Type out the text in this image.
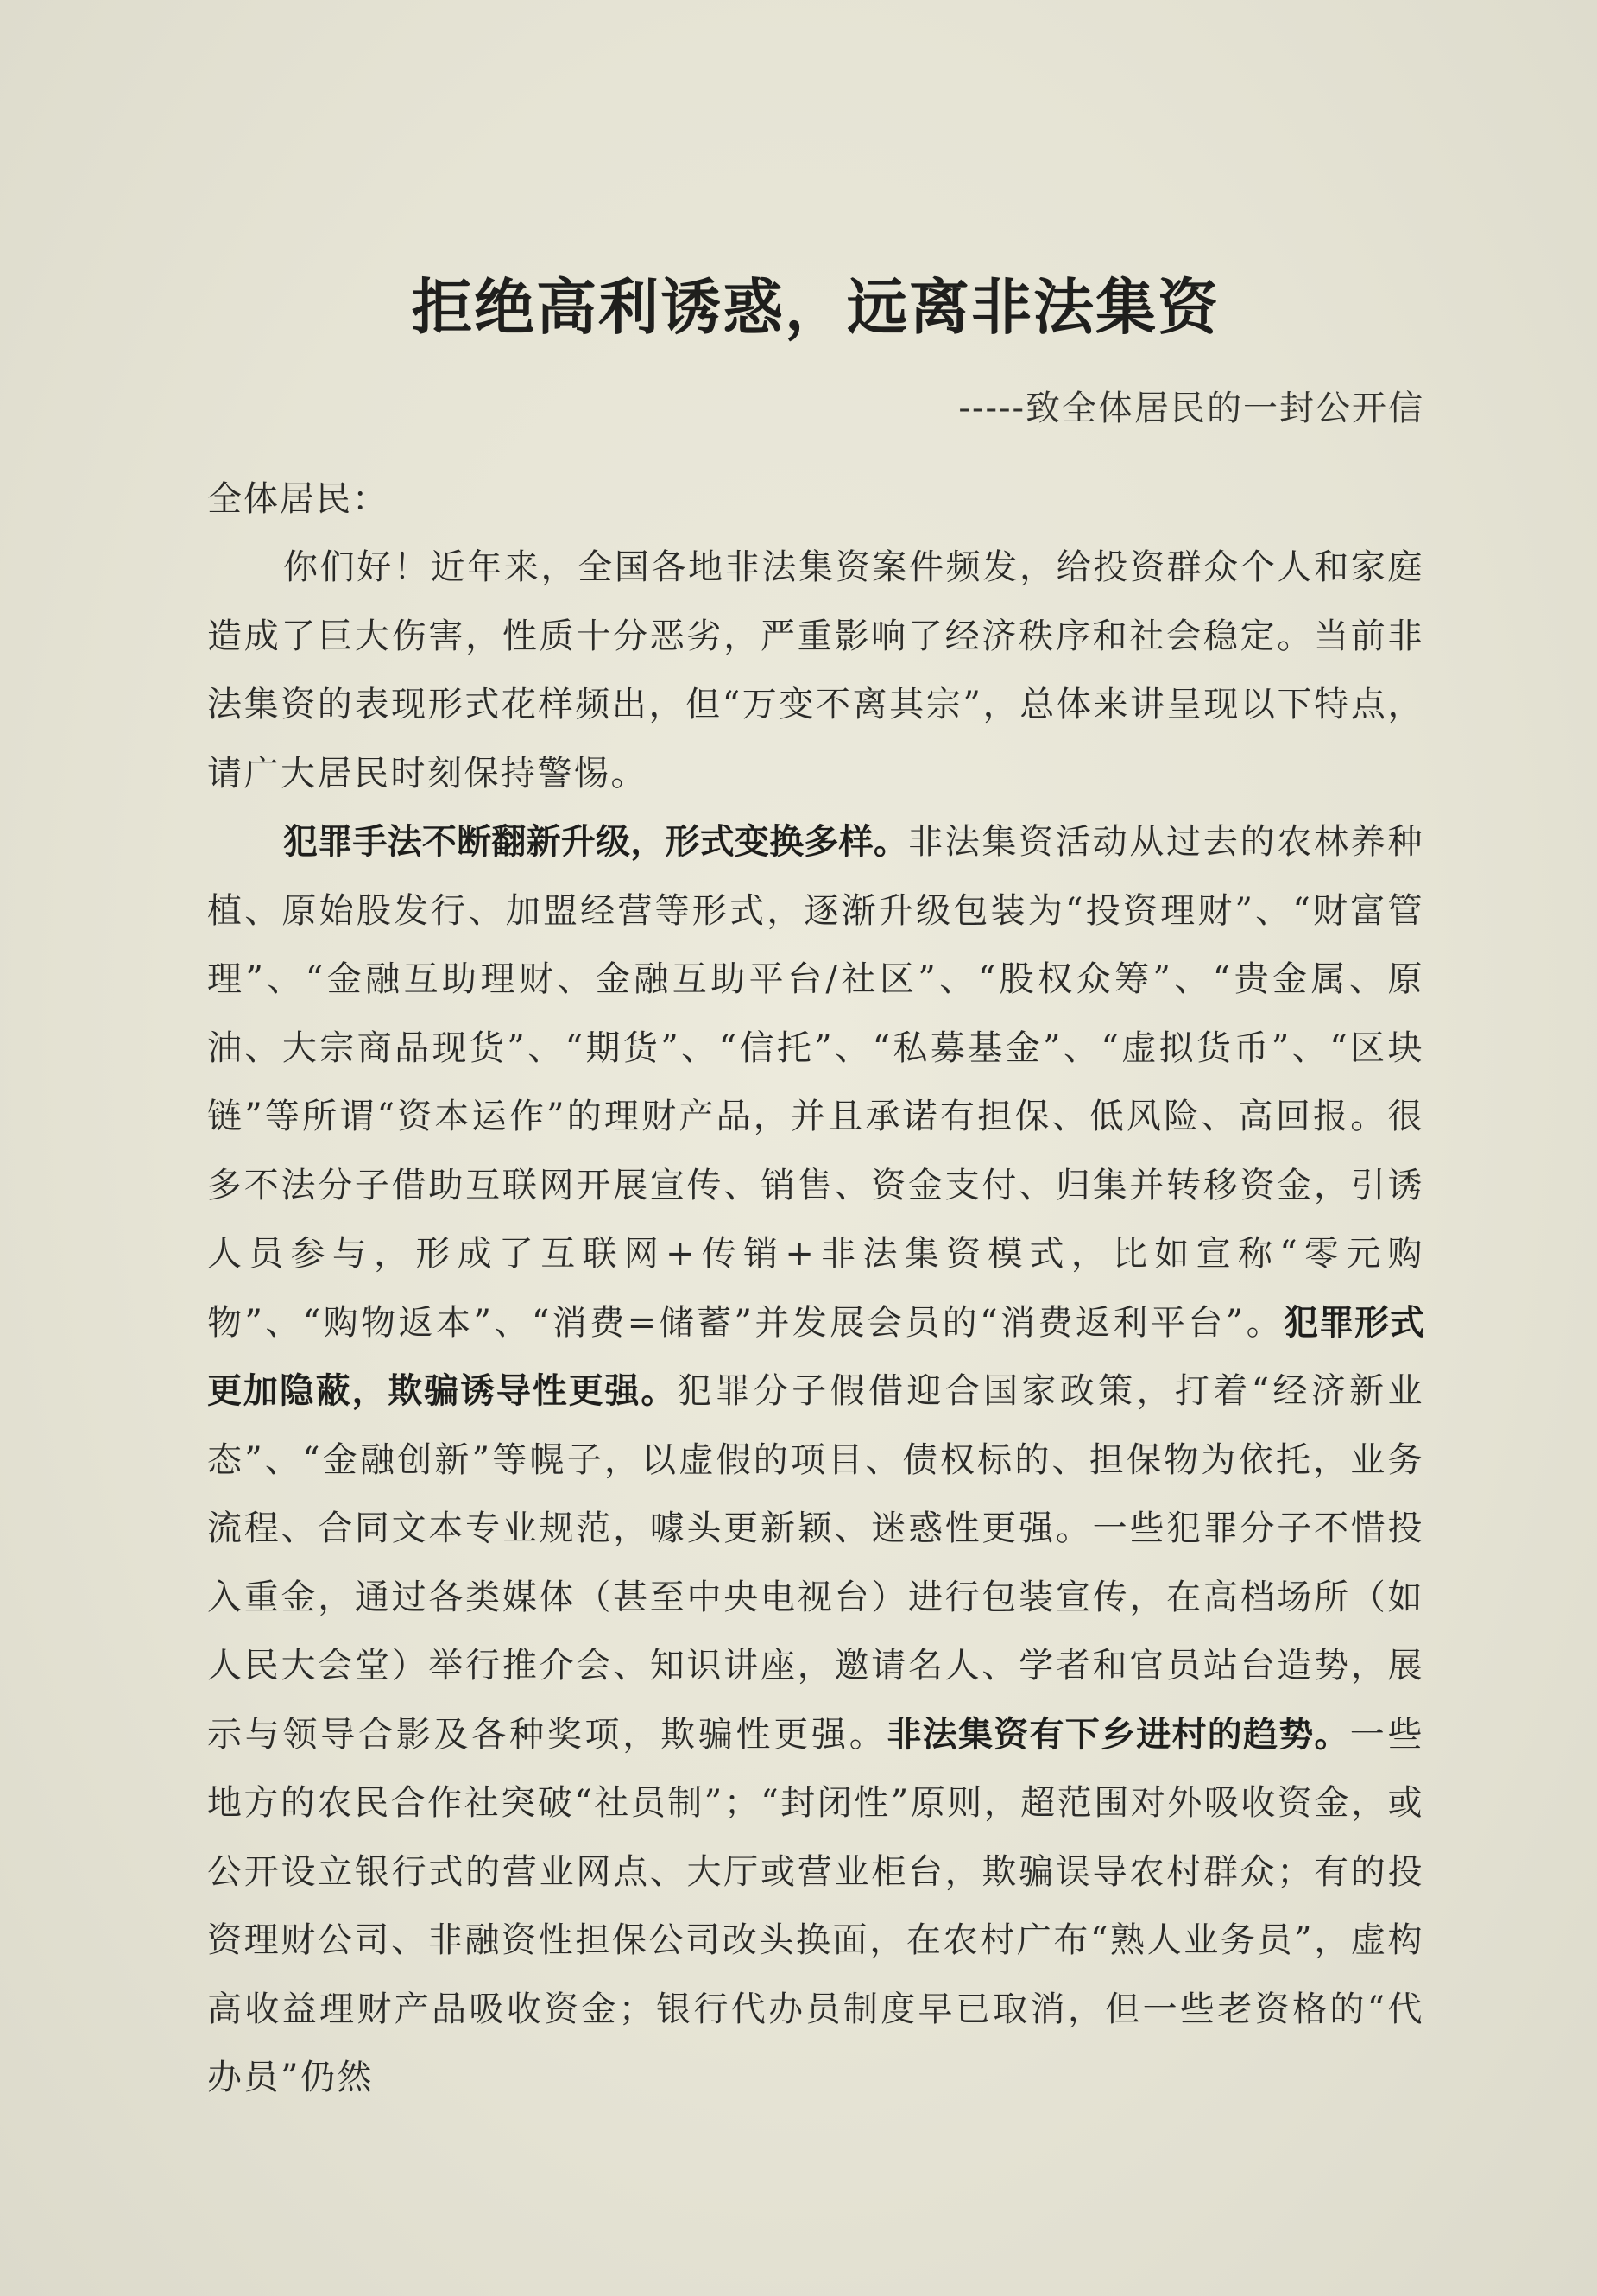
拒绝高利诱惑，远离非法集资
-----致全体居民的一封公开信

全体居民：

你们好！近年来，全国各地非法集资案件频发，给投资群众个人和家庭造成了巨大伤害，性质十分恶劣，严重影响了经济秩序和社会稳定。当前非法集资的表现形式花样频出，但“万变不离其宗”，总体来讲呈现以下特点，请广大居民时刻保持警惕。

犯罪手法不断翻新升级，形式变换多样。非法集资活动从过去的农林养种植、原始股发行、加盟经营等形式，逐渐升级包装为“投资理财”、“财富管理”、“金融互助理财、金融互助平台/社区”、“股权众筹”、“贵金属、原油、大宗商品现货”、“期货”、“信托”、“私募基金”、“虚拟货币”、“区块链”等所谓“资本运作”的理财产品，并且承诺有担保、低风险、高回报。很多不法分子借助互联网开展宣传、销售、资金支付、归集并转移资金，引诱人员参与，形成了互联网+传销+非法集资模式，比如宣称“零元购物”、“购物返本”、“消费=储蓄”并发展会员的“消费返利平台”。犯罪形式更加隐蔽，欺骗诱导性更强。犯罪分子假借迎合国家政策，打着“经济新业态”、“金融创新”等幌子，以虚假的项目、债权标的、担保物为依托，业务流程、合同文本专业规范，噱头更新颖、迷惑性更强。一些犯罪分子不惜投入重金，通过各类媒体（甚至中央电视台）进行包装宣传，在高档场所（如人民大会堂）举行推介会、知识讲座，邀请名人、学者和官员站台造势，展示与领导合影及各种奖项，欺骗性更强。非法集资有下乡进村的趋势。一些地方的农民合作社突破“社员制”；“封闭性”原则，超范围对外吸收资金，或公开设立银行式的营业网点、大厅或营业柜台，欺骗误导农村群众；有的投资理财公司、非融资性担保公司改头换面，在农村广布“熟人业务员”，虚构高收益理财产品吸收资金；银行代办员制度早已取消，但一些老资格的“代办员”仍然
